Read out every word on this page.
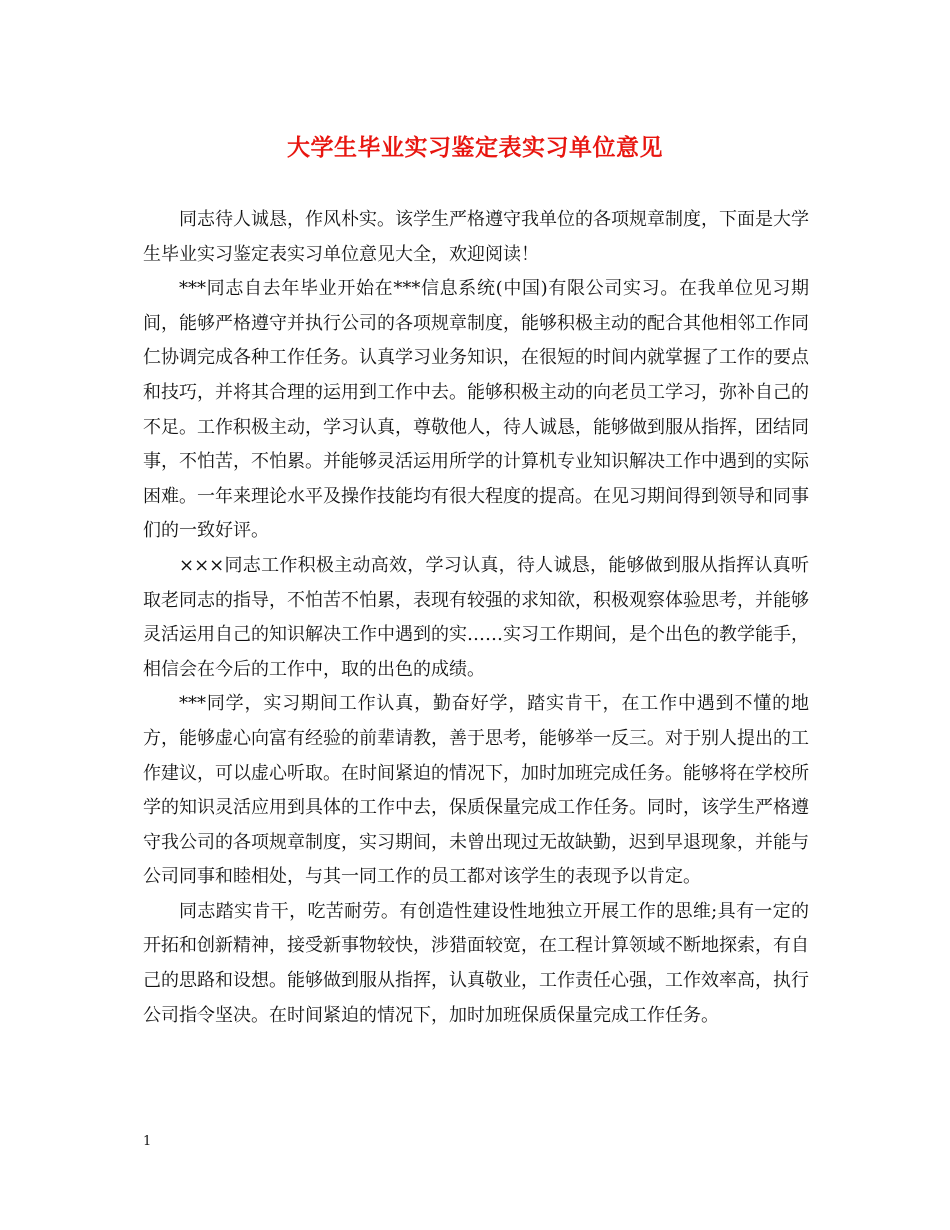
大学生毕业实习鉴定表实习单位意见

同志待人诚恳，作风朴实。该学生严格遵守我单位的各项规章制度，下面是大学生毕业实习鉴定表实习单位意见大全，欢迎阅读！

***同志自去年毕业开始在***信息系统(中国)有限公司实习。在我单位见习期间，能够严格遵守并执行公司的各项规章制度，能够积极主动的配合其他相邻工作同仁协调完成各种工作任务。认真学习业务知识，在很短的时间内就掌握了工作的要点和技巧，并将其合理的运用到工作中去。能够积极主动的向老员工学习，弥补自己的不足。工作积极主动，学习认真，尊敬他人，待人诚恳，能够做到服从指挥，团结同事，不怕苦，不怕累。并能够灵活运用所学的计算机专业知识解决工作中遇到的实际困难。一年来理论水平及操作技能均有很大程度的提高。在见习期间得到领导和同事们的一致好评。

×××同志工作积极主动高效，学习认真，待人诚恳，能够做到服从指挥认真听取老同志的指导，不怕苦不怕累，表现有较强的求知欲，积极观察体验思考，并能够灵活运用自己的知识解决工作中遇到的实……实习工作期间，是个出色的教学能手，相信会在今后的工作中，取的出色的成绩。

***同学，实习期间工作认真，勤奋好学，踏实肯干，在工作中遇到不懂的地方，能够虚心向富有经验的前辈请教，善于思考，能够举一反三。对于别人提出的工作建议，可以虚心听取。在时间紧迫的情况下，加时加班完成任务。能够将在学校所学的知识灵活应用到具体的工作中去，保质保量完成工作任务。同时，该学生严格遵守我公司的各项规章制度，实习期间，未曾出现过无故缺勤，迟到早退现象，并能与公司同事和睦相处，与其一同工作的员工都对该学生的表现予以肯定。

同志踏实肯干，吃苦耐劳。有创造性建设性地独立开展工作的思维;具有一定的开拓和创新精神，接受新事物较快，涉猎面较宽，在工程计算领域不断地探索，有自己的思路和设想。能够做到服从指挥，认真敬业，工作责任心强，工作效率高，执行公司指令坚决。在时间紧迫的情况下，加时加班保质保量完成工作任务。

1
